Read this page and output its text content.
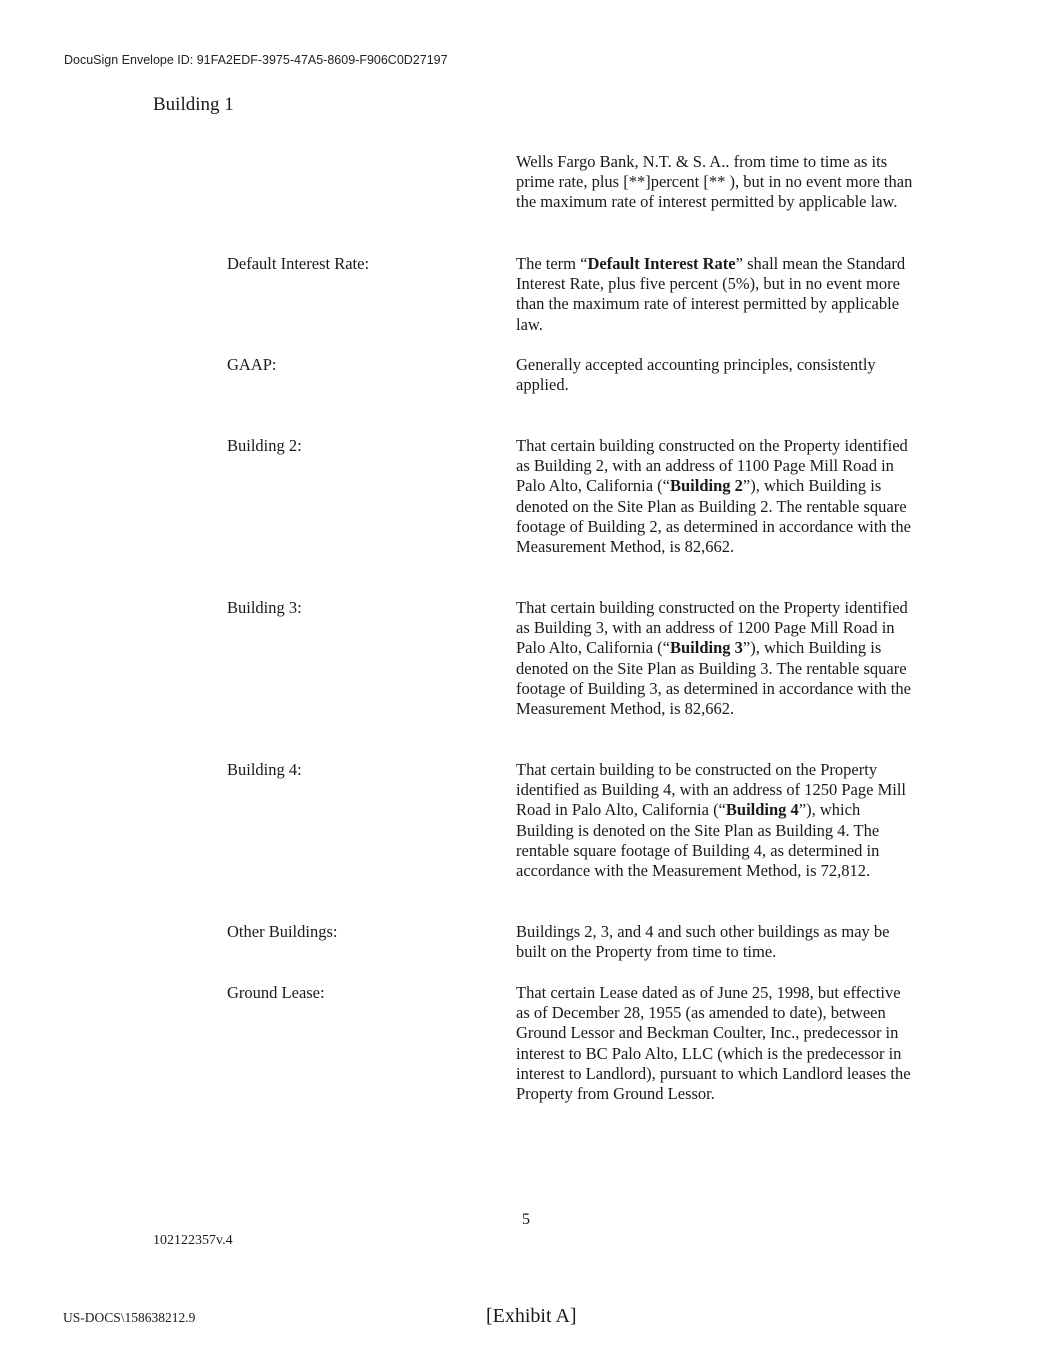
DocuSign Envelope ID: 91FA2EDF-3975-47A5-8609-F906C0D27197
Building 1

Wells Fargo Bank, N.T. & S. A.. from time to time as its prime rate, plus [**]percent [** ), but in no event more than the maximum rate of interest permitted by applicable law.

Default Interest Rate:	The term “Default Interest Rate” shall mean the Standard Interest Rate, plus five percent (5%), but in no event more than the maximum rate of interest permitted by applicable law.

GAAP:	Generally accepted accounting principles, consistently applied.

Building 2:	That certain building constructed on the Property identified as Building 2, with an address of 1100 Page Mill Road in Palo Alto, California (“Building 2”), which Building is denoted on the Site Plan as Building 2. The rentable square footage of Building 2, as determined in accordance with the Measurement Method, is 82,662.

Building 3:	That certain building constructed on the Property identified as Building 3, with an address of 1200 Page Mill Road in Palo Alto, California (“Building 3”), which Building is denoted on the Site Plan as Building 3. The rentable square footage of Building 3, as determined in accordance with the Measurement Method, is 82,662.

Building 4:	That certain building to be constructed on the Property identified as Building 4, with an address of 1250 Page Mill Road in Palo Alto, California (“Building 4”), which Building is denoted on the Site Plan as Building 4. The rentable square footage of Building 4, as determined in accordance with the Measurement Method, is 72,812.

Other Buildings:	Buildings 2, 3, and 4 and such other buildings as may be built on the Property from time to time.

Ground Lease:	That certain Lease dated as of June 25, 1998, but effective as of December 28, 1955 (as amended to date), between Ground Lessor and Beckman Coulter, Inc., predecessor in interest to BC Palo Alto, LLC (which is the predecessor in interest to Landlord), pursuant to which Landlord leases the Property from Ground Lessor.

5
102122357v.4
US-DOCS\158638212.9	[Exhibit A]
